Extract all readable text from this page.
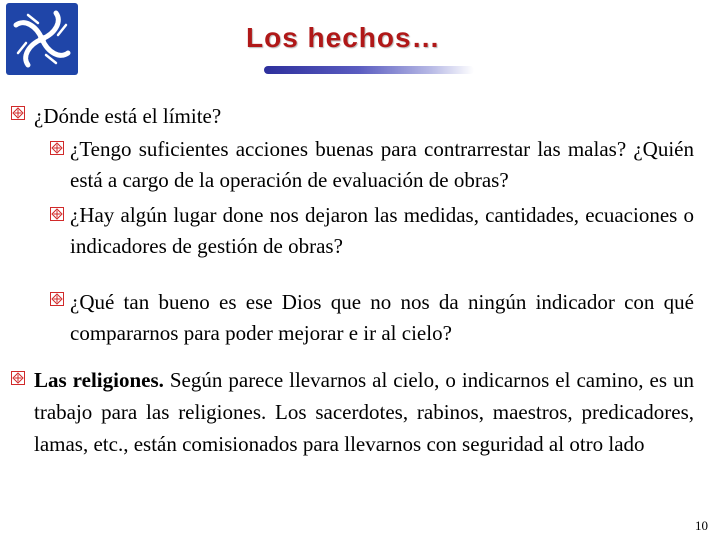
Los hechos…
¿Dónde está el límite?
¿Tengo suficientes acciones buenas para contrarrestar las malas? ¿Quién está a cargo de la operación de evaluación de obras?
¿Hay algún lugar done nos dejaron las medidas, cantidades, ecuaciones o indicadores de gestión de obras?
¿Qué tan bueno es ese Dios que no nos da ningún indicador con qué compararnos para poder mejorar e ir al cielo?
Las religiones. Según parece llevarnos al cielo, o indicarnos el camino, es un trabajo para las religiones. Los sacerdotes, rabinos, maestros, predicadores, lamas, etc., están comisionados para llevarnos con seguridad al otro lado
10
